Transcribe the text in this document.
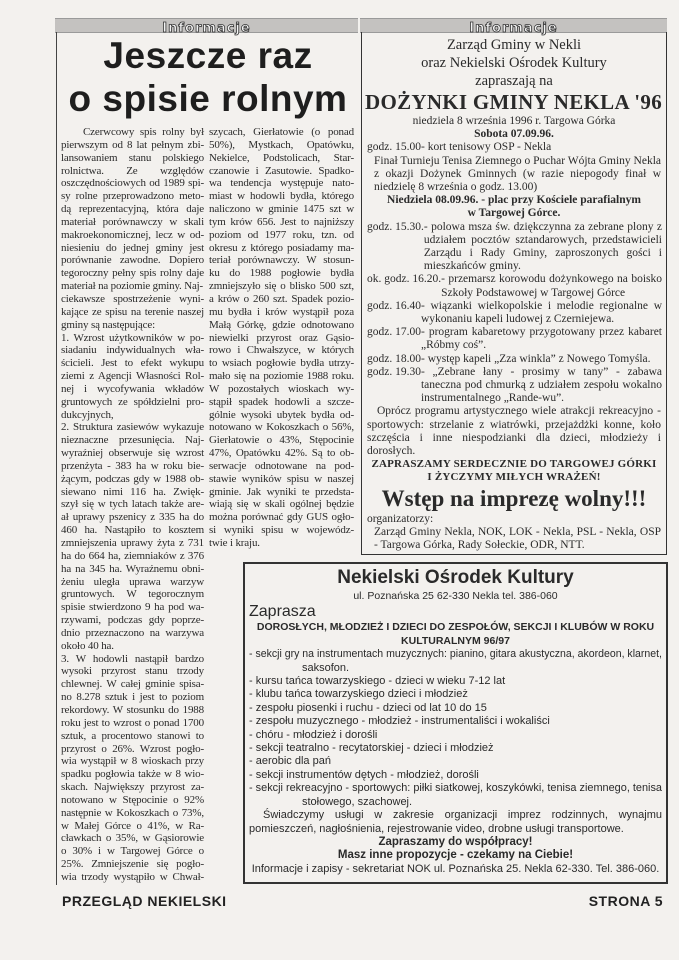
Informacje	Informacje
Jeszcze raz
o spisie rolnym
Czerwcowy spis rolny był
pierwszym od 8 lat pełnym zbi-
lansowaniem stanu polskiego
rolnictwa. Ze względów
oszczędnościowych od 1989 spi-
sy rolne przeprowadzono meto-
dą reprezentacyjną, która daje
materiał porównawczy w skali
makroekonomicznej, lecz w od-
niesieniu do jednej gminy jest
porównanie zawodne. Dopiero
tegoroczny pełny spis rolny daje
materiał na poziomie gminy. Naj-
ciekawsze spostrzeżenie wyni-
kające ze spisu na terenie naszej
gminy są następujące:
1. Wzrost użytkowników w po-
siadaniu indywidualnych wła-
ścicieli. Jest to efekt wykupu
ziemi z Agencji Własności Rol-
nej i wycofywania wkładów
gruntowych ze spółdzielni pro-
dukcyjnych,
2. Struktura zasiewów wykazuje
nieznaczne przesunięcia. Naj-
wyraźniej obserwuje się wzrost
przenżyta - 383 ha w roku bie-
żącym, podczas gdy w 1988 ob-
siewano nimi 116 ha. Zwięk-
szył się w tych latach także are-
ał uprawy pszenicy z 335 ha do
460 ha. Nastąpiło to kosztem
zmniejszenia uprawy żyta z 731
ha do 664 ha, ziemniaków z 376
ha na 345 ha. Wyraźnemu obni-
żeniu uległa uprawa warzyw
gruntowych. W tegorocznym
spisie stwierdzono 9 ha pod wa-
rzywami, podczas gdy poprze-
dnio przeznaczono na warzywa
około 40 ha.
3. W hodowli nastąpił bardzo
wysoki przyrost stanu trzody
chlewnej. W całej gminie spisa-
no 8.278 sztuk i jest to poziom
rekordowy. W stosunku do 1988
roku jest to wzrost o ponad 1700
sztuk, a procentowo stanowi to
przyrost o 26%. Wzrost pogło-
wia wystąpił w 8 wioskach przy
spadku pogłowia także w 8 wio-
skach. Największy przyrost za-
notowano w Stępocinie o 92%
następnie w Kokoszkach o 73%,
w Małej Górce o 41%, w Ra-
cławkach o 35%, w Gąsiorowie
o 30% i w Targowej Górce o
25%. Zmniejszenie się pogło-
wia trzody wystąpiło w Chwał-
szycach, Gierłatowie (o ponad
50%), Mystkach, Opatówku,
Nekielce, Podstolicach, Star-
czanowie i Zasutowie. Spadko-
wa tendencja występuje nato-
miast w hodowli bydła, którego
naliczono w gminie 1475 szt w
tym krów 656. Jest to najniższy
poziom od 1977 roku, tzn. od
okresu z którego posiadamy ma-
teriał porównawczy. W stosun-
ku do 1988 pogłowie bydła
zmniejszyło się o blisko 500 szt,
a krów o 260 szt. Spadek pozio-
mu bydła i krów wystąpił poza
Małą Górkę, gdzie odnotowano
niewielki przyrost oraz Gąsio-
rowo i Chwałszyce, w których
to wsiach pogłowie bydła utrzy-
mało się na poziomie 1988 roku.
W pozostałych wioskach wy-
stąpił spadek hodowli a szcze-
gólnie wysoki ubytek bydła od-
notowano w Kokoszkach o 56%,
Gierłatowie o 43%, Stępocinie
47%, Opatówku 42%. Są to ob-
serwacje odnotowane na pod-
stawie wyników spisu w naszej
gminie. Jak wyniki te przedsta-
wiają się w skali ogólnej będzie
można porównać gdy GUS ogło-
si wyniki spisu w wojewódz-
twie i kraju.
Zarząd Gminy w Nekli
oraz Nekielski Ośrodek Kultury
zapraszają na
DOŻYNKI GMINY NEKLA '96
niedziela 8 września 1996 r. Targowa Górka
Sobota 07.09.96.
godz. 15.00 - kort tenisowy OSP - Nekla
Finał Turnieju Tenisa Ziemnego o Puchar Wójta Gminy Nekla z okazji Dożynek Gminnych (w razie niepogody finał w niedzielę 8 września o godz. 13.00)
Niedziela 08.09.96. - plac przy Kościele parafialnym w Targowej Górce.
godz. 15.30. - polowa msza św. dziękczynna za zebrane plony z udziałem pocztów sztandarowych, przedstawicieli Zarządu i Rady Gminy, zaproszonych gości i mieszkańców gminy.
ok. godz. 16.20. - przemarsz korowodu dożynkowego na boisko Szkoły Podstawowej w Targowej Górce
godz. 16.40 - wiązanki wielkopolskie i melodie regionalne w wykonaniu kapeli ludowej z Czerniejewa.
godz. 17.00 - program kabaretowy przygotowany przez kabaret „Róbmy coś”.
godz. 18.00 - występ kapeli „Zza winkla” z Nowego Tomyśla.
godz. 19.30 - „Zebrane łany - prosimy w tany” - zabawa taneczna pod chmurką z udziałem zespołu wokalno instrumentalnego „Rande-wu”.
Oprócz programu artystycznego wiele atrakcji rekreacyjno - sportowych: strzelanie z wiatrówki, przejażdżki konne, koło szczęścia i inne niespodzianki dla dzieci, młodzieży i dorosłych.
ZAPRASZAMY SERDECZNIE DO TARGOWEJ GÓRKI
I ŻYCZYMY MIŁYCH WRAŻEŃ!
Wstęp na imprezę wolny!!!
organizatorzy:
Zarząd Gminy Nekla, NOK, LOK - Nekla, PSL - Nekla, OSP - Targowa Górka, Rady Sołeckie, ODR, NTT.
Nekielski Ośrodek Kultury
ul. Poznańska 25 62-330 Nekla tel. 386-060
Zaprasza
DOROSŁYCH, MŁODZIEŻ I DZIECI DO ZESPOŁÓW, SEKCJI I KLUBÓW W ROKU
KULTURALNYM 96/97
- sekcji gry na instrumentach muzycznych: pianino, gitara akustyczna, akordeon, klarnet,
saksofon.
- kursu tańca towarzyskiego - dzieci w wieku 7-12 lat
- klubu tańca towarzyskiego dzieci i młodzież
- zespołu piosenki i ruchu - dzieci od lat 10 do 15
- zespołu muzycznego - młodzież - instrumentaliści i wokaliści
- chóru - młodzież i dorośli
- sekcji teatralno - recytatorskiej - dzieci i młodzież
- aerobic dla pań
- sekcji instrumentów dętych - młodzież, dorośli
- sekcji rekreacyjno - sportowych: piłki siatkowej, koszykówki, tenisa ziemnego, tenisa
stołowego, szachowej.
Świadczymy usługi w zakresie organizacji imprez rodzinnych, wynajmu pomieszczeń, nagłośnienia, rejestrowanie video, drobne usługi transportowe.
Zapraszamy do współpracy!
Masz inne propozycje - czekamy na Ciebie!
Informacje i zapisy - sekretariat NOK ul. Poznańska 25. Nekla 62-330. Tel. 386-060.
PRZEGLĄD NEKIELSKI	STRONA 5
